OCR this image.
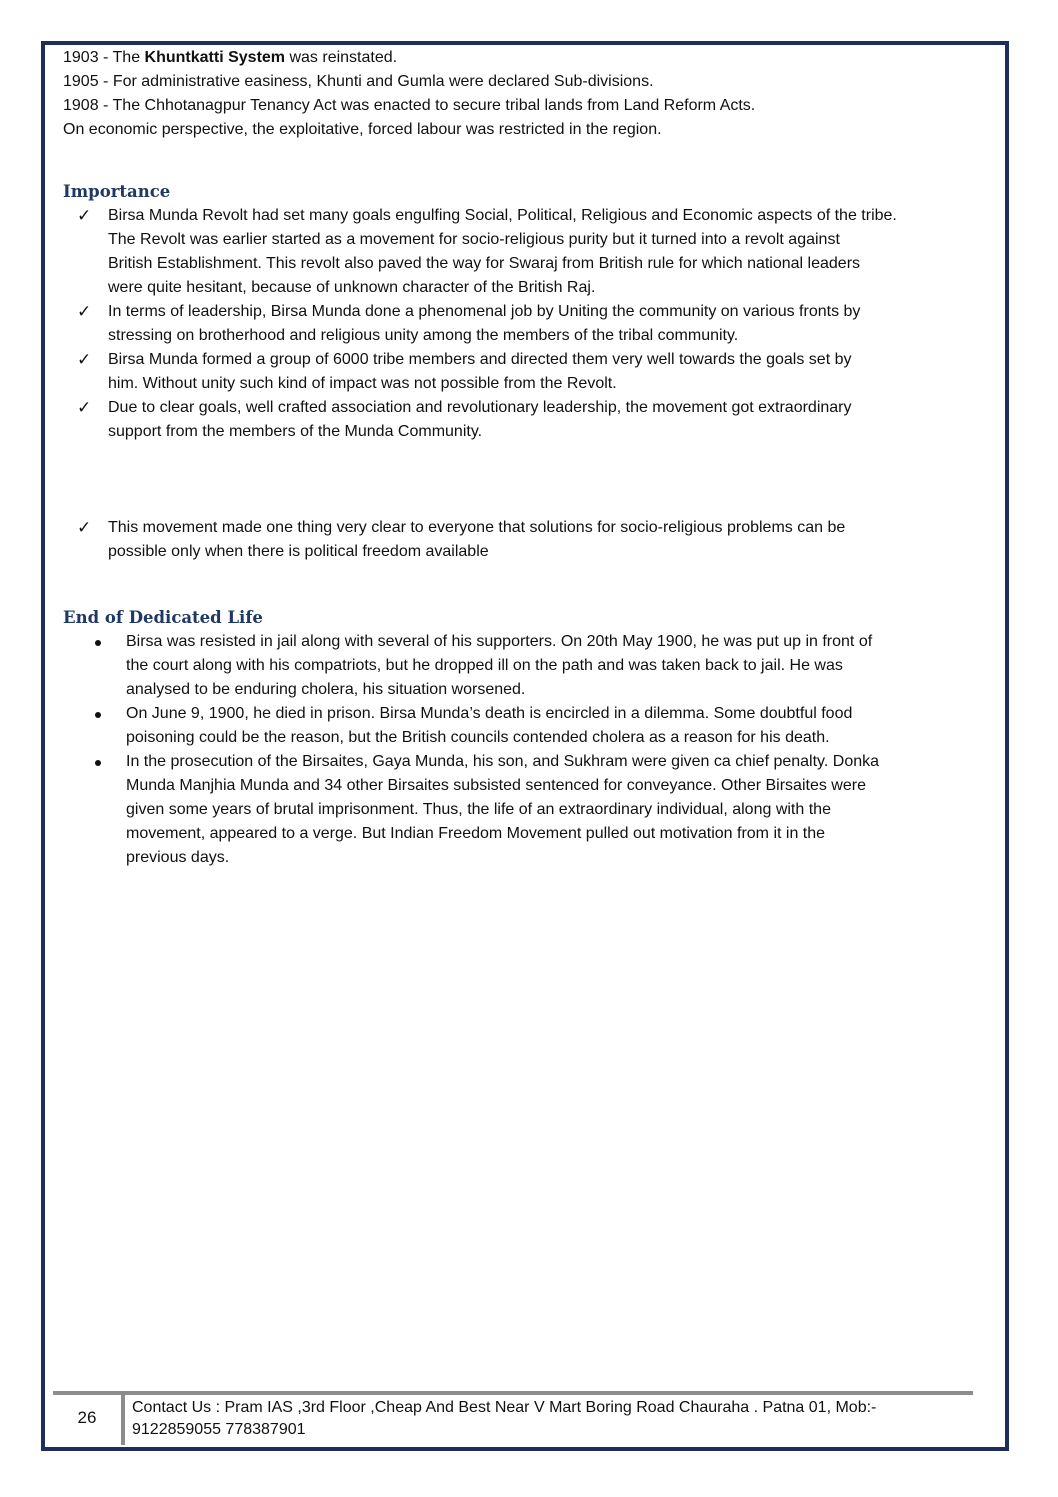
1903 - The Khuntkatti System was reinstated.

1905 - For administrative easiness, Khunti and Gumla were declared Sub-divisions.

1908 - The Chhotanagpur Tenancy Act was enacted to secure tribal lands from Land Reform Acts.

On economic perspective, the exploitative, forced labour was restricted in the region.

Importance
✓ Birsa Munda Revolt had set many goals engulfing Social, Political, Religious and Economic aspects of the tribe.
The Revolt was earlier started as a movement for socio-religious purity but it turned into a revolt against
British Establishment. This revolt also paved the way for Swaraj from British rule for which national leaders
were quite hesitant, because of unknown character of the British Raj.
✓ In terms of leadership, Birsa Munda done a phenomenal job by Uniting the community on various fronts by
stressing on brotherhood and religious unity among the members of the tribal community.
✓ Birsa Munda formed a group of 6000 tribe members and directed them very well towards the goals set by
him. Without unity such kind of impact was not possible from the Revolt.
✓ Due to clear goals, well crafted association and revolutionary leadership, the movement got extraordinary
support from the members of the Munda Community.
✓ This movement made one thing very clear to everyone that solutions for socio-religious problems can be
possible only when there is political freedom available
End of Dedicated Life
Birsa was resisted in jail along with several of his supporters. On 20th May 1900, he was put up in front of
the court along with his compatriots, but he dropped ill on the path and was taken back to jail. He was
analysed to be enduring cholera, his situation worsened.
On June 9, 1900, he died in prison. Birsa Munda’s death is encircled in a dilemma. Some doubtful food
poisoning could be the reason, but the British councils contended cholera as a reason for his death.
In the prosecution of the Birsaites, Gaya Munda, his son, and Sukhram were given ca chief penalty. Donka
Munda Manjhia Munda and 34 other Birsaites subsisted sentenced for conveyance. Other Birsaites were
given some years of brutal imprisonment. Thus, the life of an extraordinary individual, along with the
movement, appeared to a verge. But Indian Freedom Movement pulled out motivation from it in the
previous days.
26
Contact Us : Pram IAS ,3rd Floor ,Cheap And Best Near V Mart Boring Road Chauraha . Patna 01, Mob:-
9122859055 778387901
